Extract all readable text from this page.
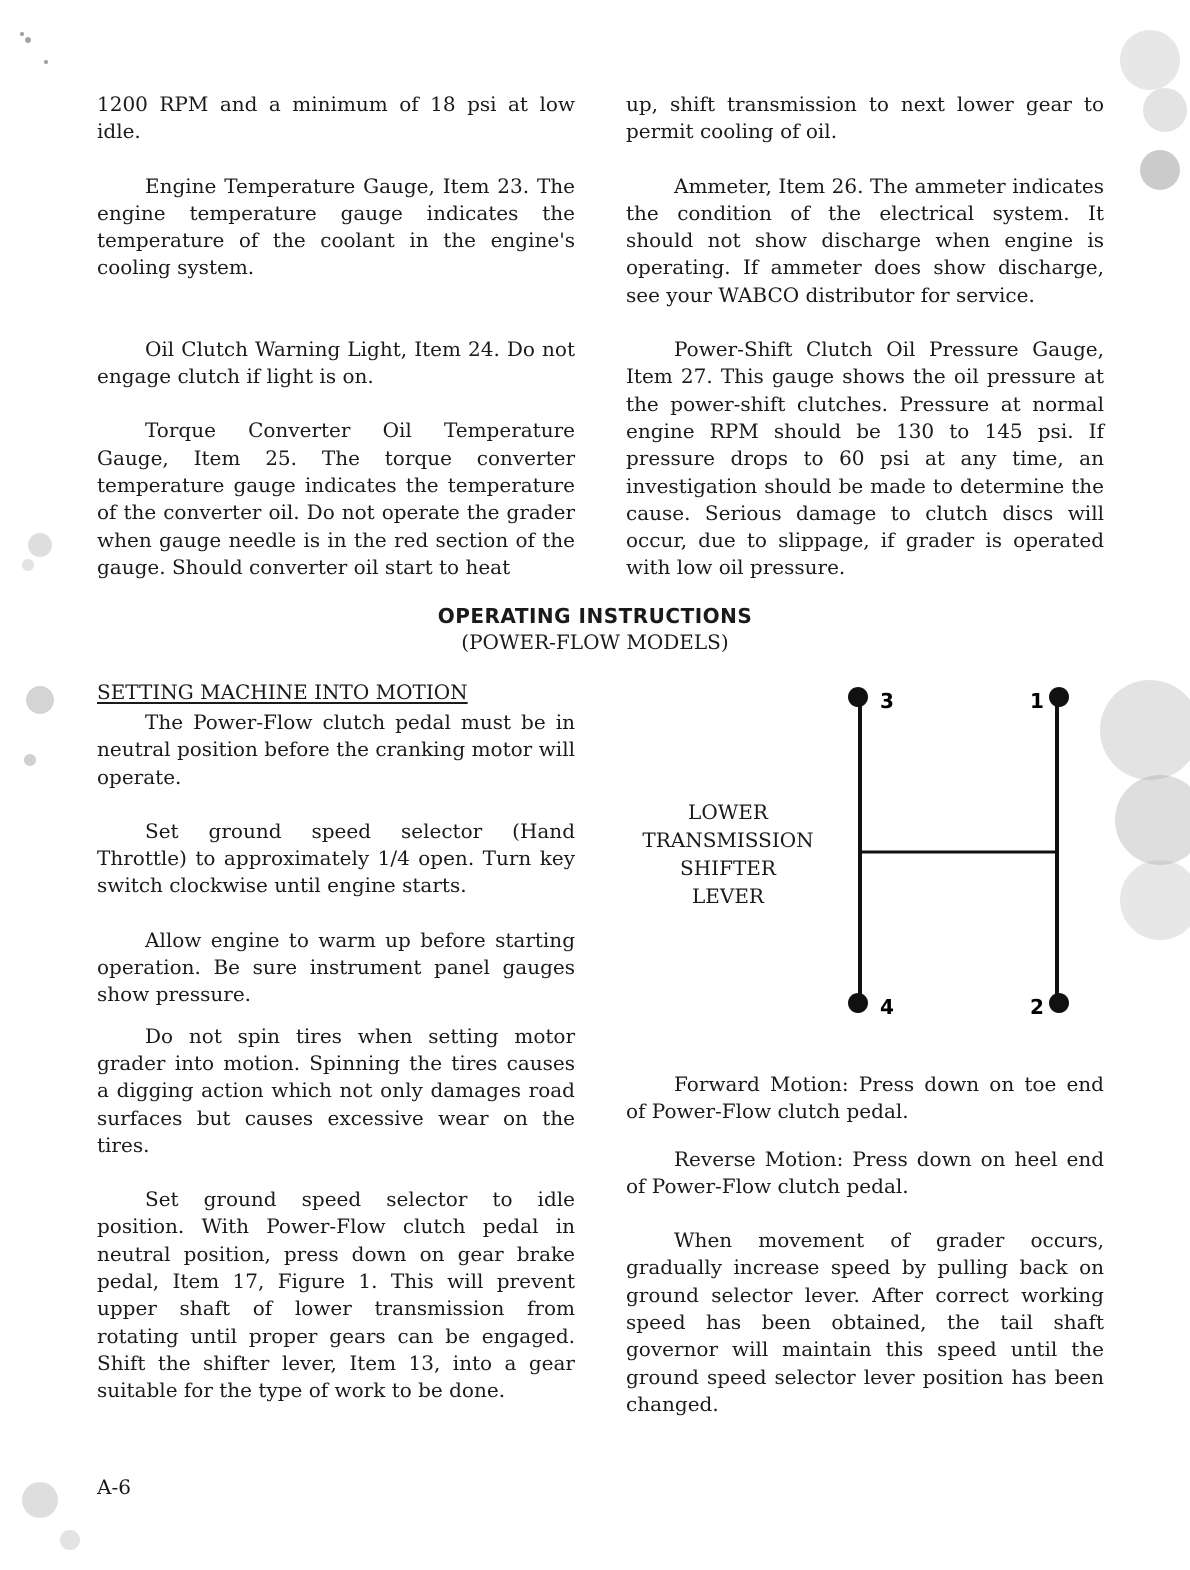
1200 RPM and a minimum of 18 psi at low idle.

Engine Temperature Gauge, Item 23. The engine temperature gauge indicates the temperature of the coolant in the engine's cooling system.

Oil Clutch Warning Light, Item 24. Do not engage clutch if light is on.

Torque Converter Oil Temperature Gauge, Item 25. The torque converter temperature gauge indicates the temperature of the converter oil. Do not operate the grader when gauge needle is in the red section of the gauge. Should converter oil start to heat

up, shift transmission to next lower gear to permit cooling of oil.

Ammeter, Item 26. The ammeter indicates the condition of the electrical system. It should not show discharge when engine is operating. If ammeter does show discharge, see your WABCO distributor for service.

Power-Shift Clutch Oil Pressure Gauge, Item 27. This gauge shows the oil pressure at the power-shift clutches. Pressure at normal engine RPM should be 130 to 145 psi. If pressure drops to 60 psi at any time, an investigation should be made to determine the cause. Serious damage to clutch discs will occur, due to slippage, if grader is operated with low oil pressure.

OPERATING INSTRUCTIONS
(POWER-FLOW MODELS)
SETTING MACHINE INTO MOTION

The Power-Flow clutch pedal must be in neutral position before the cranking motor will operate.

Set ground speed selector (Hand Throttle) to approximately 1/4 open. Turn key switch clockwise until engine starts.

Allow engine to warm up before starting operation. Be sure instrument panel gauges show pressure.

Do not spin tires when setting motor grader into motion. Spinning the tires causes a digging action which not only damages road surfaces but causes excessive wear on the tires.

Set ground speed selector to idle position. With Power-Flow clutch pedal in neutral position, press down on gear brake pedal, Item 17, Figure 1. This will prevent upper shaft of lower transmission from rotating until proper gears can be engaged. Shift the shifter lever, Item 13, into a gear suitable for the type of work to be done.

LOWER
TRANSMISSION
SHIFTER
LEVER
3	1
4	2

Forward Motion: Press down on toe end of Power-Flow clutch pedal.

Reverse Motion: Press down on heel end of Power-Flow clutch pedal.

When movement of grader occurs, gradually increase speed by pulling back on ground selector lever. After correct working speed has been obtained, the tail shaft governor will maintain this speed until the ground speed selector lever position has been changed.

A-6
